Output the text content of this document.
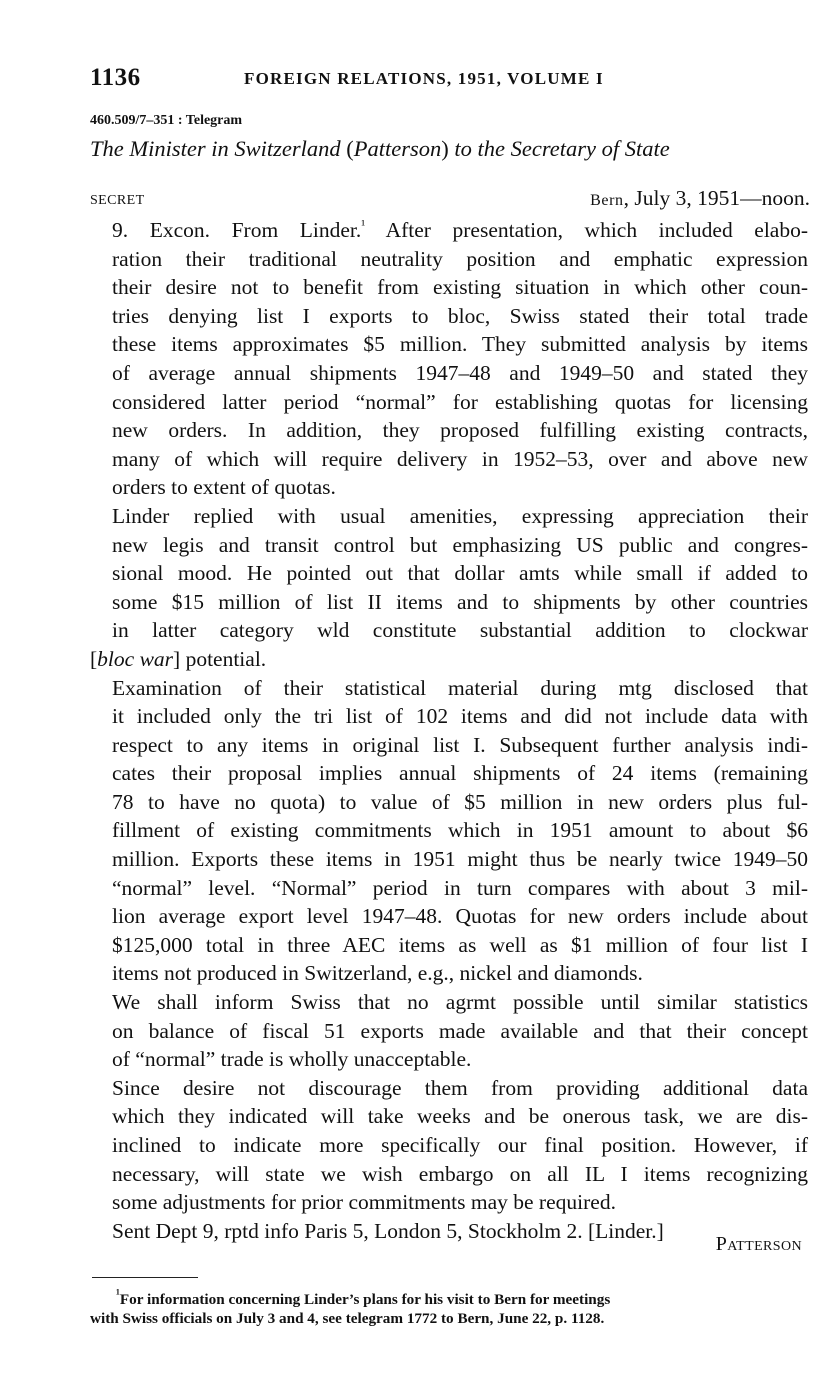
1136	FOREIGN RELATIONS, 1951, VOLUME I
460.509/7–351 : Telegram
The Minister in Switzerland (Patterson) to the Secretary of State
SECRET	Bern, July 3, 1951—noon.

9. Excon. From Linder.$^{^1}$ After presentation, which included elabo-
ration their traditional neutrality position and emphatic expression
their desire not to benefit from existing situation in which other coun-
tries denying list I exports to bloc, Swiss stated their total trade
these items approximates $5 million. They submitted analysis by items
of average annual shipments 1947–48 and 1949–50 and stated they
considered latter period “normal” for establishing quotas for licensing
new orders. In addition, they proposed fulfilling existing contracts,
many of which will require delivery in 1952–53, over and above new
orders to extent of quotas.

Linder replied with usual amenities, expressing appreciation their
new legis and transit control but emphasizing US public and congres-
sional mood. He pointed out that dollar amts while small if added to
some $15 million of list II items and to shipments by other countries
in latter category wld constitute substantial addition to clockwar
[bloc war] potential.

Examination of their statistical material during mtg disclosed that
it included only the tri list of 102 items and did not include data with
respect to any items in original list I. Subsequent further analysis indi-
cates their proposal implies annual shipments of 24 items (remaining
78 to have no quota) to value of $5 million in new orders plus ful-
fillment of existing commitments which in 1951 amount to about $6
million. Exports these items in 1951 might thus be nearly twice 1949–50
“normal” level. “Normal” period in turn compares with about 3 mil-
lion average export level 1947–48. Quotas for new orders include about
$125,000 total in three AEC items as well as $1 million of four list I
items not produced in Switzerland, e.g., nickel and diamonds.

We shall inform Swiss that no agrmt possible until similar statistics
on balance of fiscal 51 exports made available and that their concept
of “normal” trade is wholly unacceptable.

Since desire not discourage them from providing additional data
which they indicated will take weeks and be onerous task, we are dis-
inclined to indicate more specifically our final position. However, if
necessary, will state we wish embargo on all IL I items recognizing
some adjustments for prior commitments may be required.

Sent Dept 9, rptd info Paris 5, London 5, Stockholm 2. [Linder.]

Patterson
$^{^1}$For information concerning Linder’s plans for his visit to Bern for meetings
with Swiss officials on July 3 and 4, see telegram 1772 to Bern, June 22, p. 1128.
